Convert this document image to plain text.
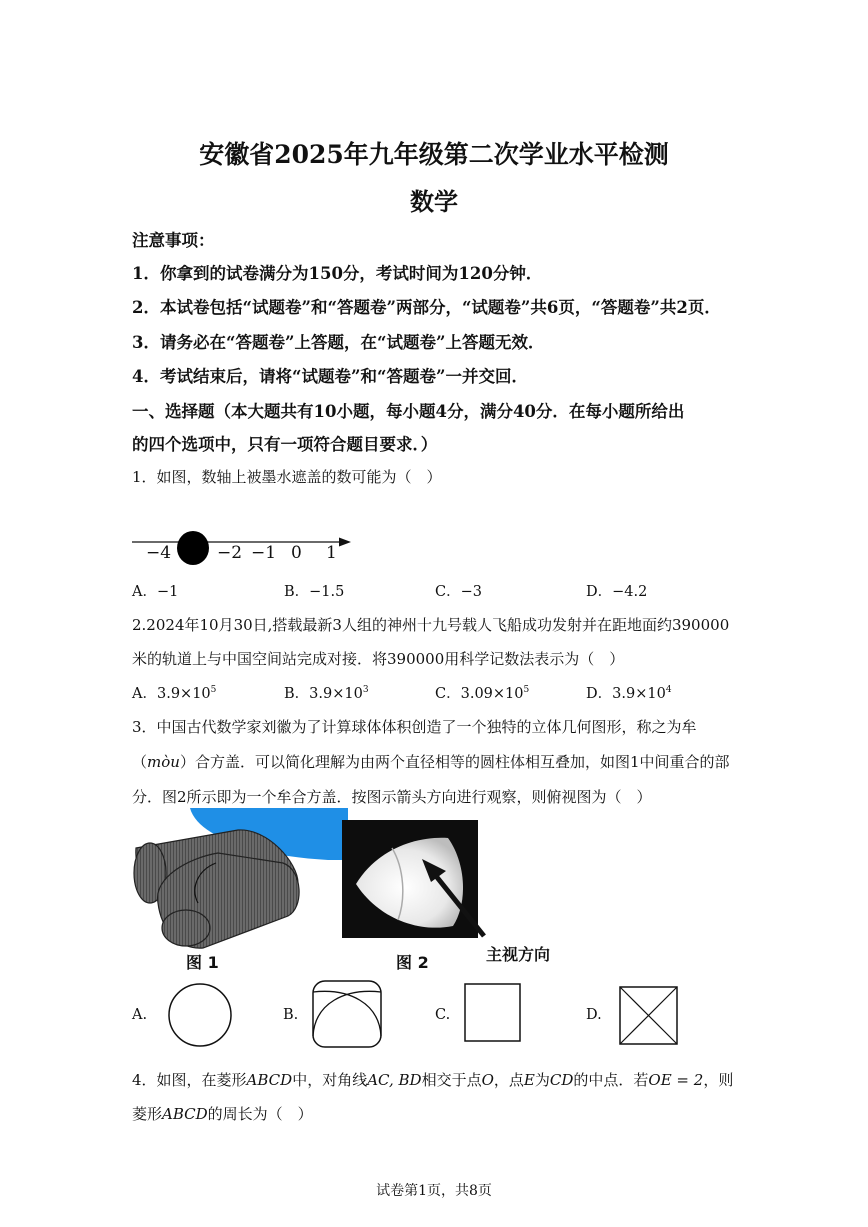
安徽省2025年九年级第二次学业水平检测
数学
注意事项：
1．你拿到的试卷满分为150分，考试时间为120分钟．
2．本试卷包括“试题卷”和“答题卷”两部分，“试题卷”共6页，“答题卷”共2页．
3．请务必在“答题卷”上答题，在“试题卷”上答题无效．
4．考试结束后，请将“试题卷”和“答题卷”一并交回．
一、选择题（本大题共有10小题，每小题4分，满分40分．在每小题所给出
的四个选项中，只有一项符合题目要求．）
1．如图，数轴上被墨水遮盖的数可能为（　）
−4	−2 −1 0 1
A．−1	B．−1.5	C．−3	D．−4.2
2.2024年10月30日,搭载最新3人组的神州十九号载人飞船成功发射并在距地面约390000
米的轨道上与中国空间站完成对接．将390000用科学记数法表示为（　）
A．$3.9\times 10^5$	B．$3.9\times 10^3$	C．$3.09\times 10^5$	D．$3.9\times 10^4$
3．中国古代数学家刘徽为了计算球体体积创造了一个独特的立体几何图形，称之为牟
（mòu）合方盖．可以简化理解为由两个直径相等的圆柱体相互叠加，如图1中间重合的部
分．图2所示即为一个牟合方盖．按图示箭头方向进行观察，则俯视图为（　）
图 1	图 2	主视方向
A.	B.	C.	D.
4．如图，在菱形ABCD中，对角线AC, BD相交于点O，点E为CD的中点．若OE = 2，则
菱形ABCD的周长为（　）
试卷第1页，共8页
